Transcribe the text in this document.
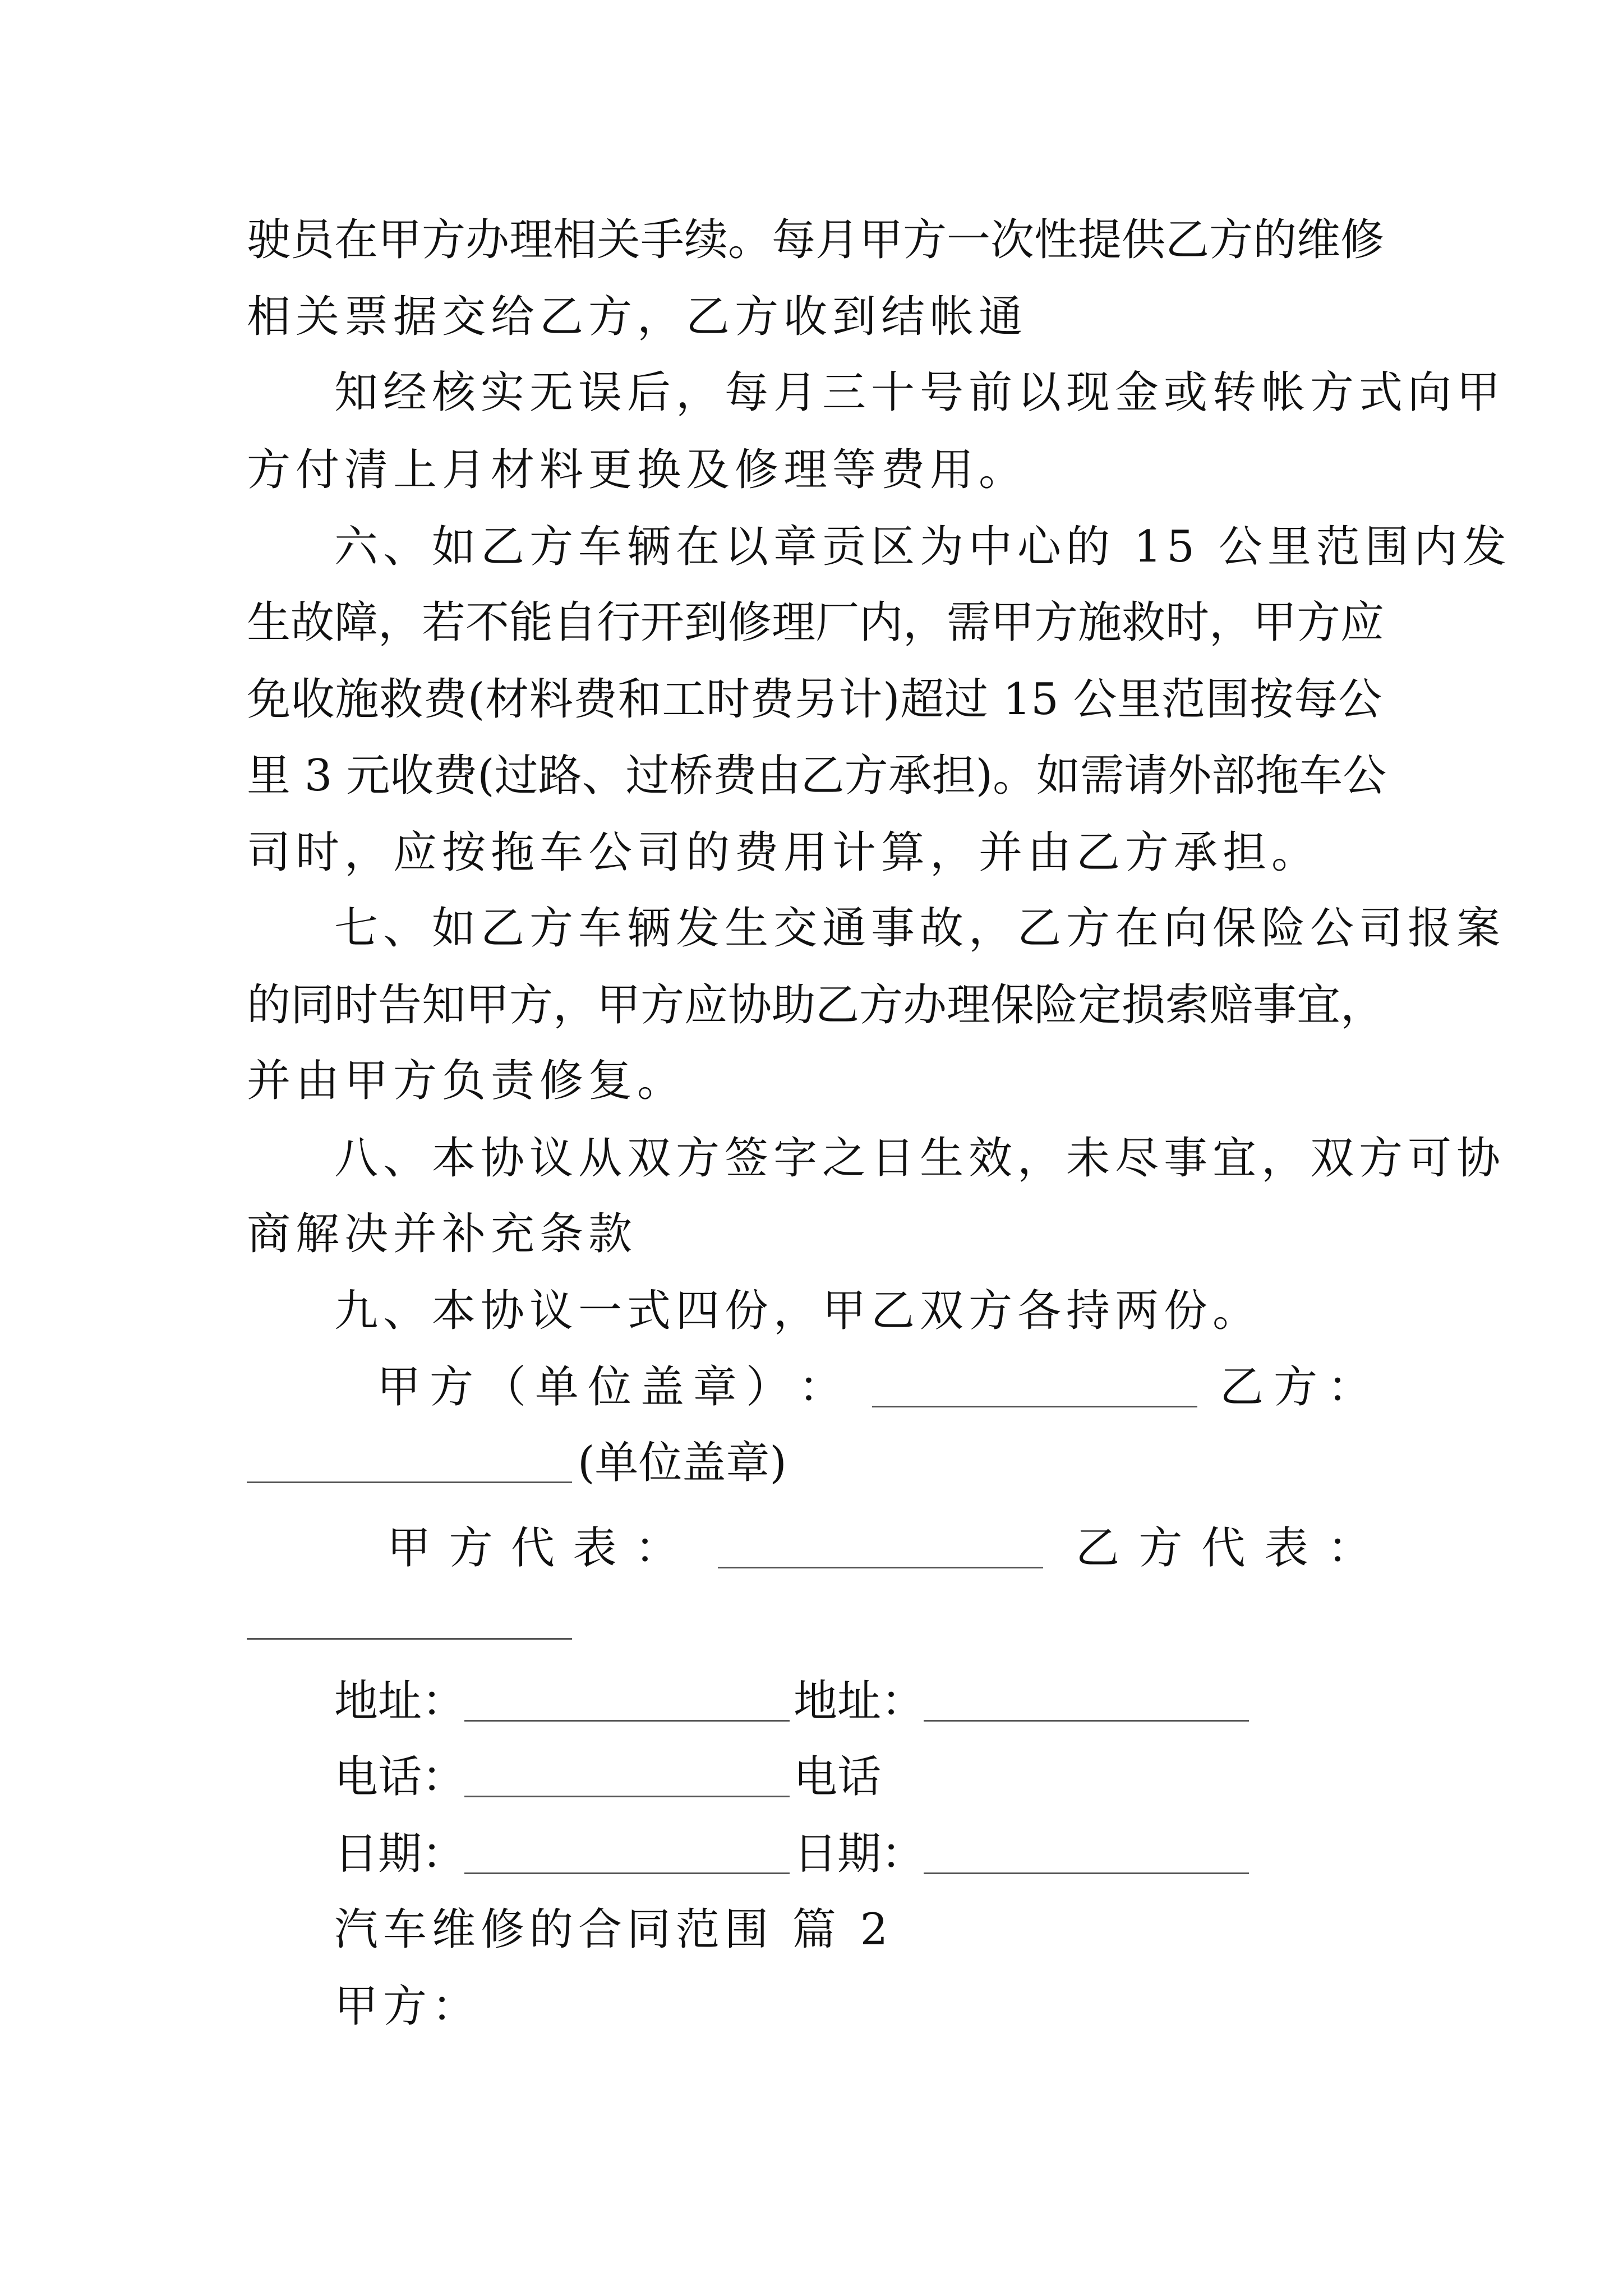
驶员在甲方办理相关手续。每月甲方一次性提供乙方的维修
相关票据交给乙方，乙方收到结帐通
知经核实无误后，每月三十号前以现金或转帐方式向甲
方付清上月材料更换及修理等费用。
六、如乙方车辆在以章贡区为中心的 15 公里范围内发
生故障，若不能自行开到修理厂内，需甲方施救时，甲方应
免收施救费(材料费和工时费另计)超过 15 公里范围按每公
里 3 元收费(过路、过桥费由乙方承担)。如需请外部拖车公
司时，应按拖车公司的费用计算，并由乙方承担。
七、如乙方车辆发生交通事故，乙方在向保险公司报案
的同时告知甲方，甲方应协助乙方办理保险定损索赔事宜，
并由甲方负责修复。
八、本协议从双方签字之日生效，未尽事宜，双方可协
商解决并补充条款
九、本协议一式四份，甲乙双方各持两份。
甲 方 （ 单 位 盖 章 ） ：	乙 方 ：
(单位盖章)
甲 方 代 表 ：	乙 方 代 表 ：
地址：	地址：
电话：	电话
日期：	日期：
汽车维修的合同范围 篇 2
甲方：
